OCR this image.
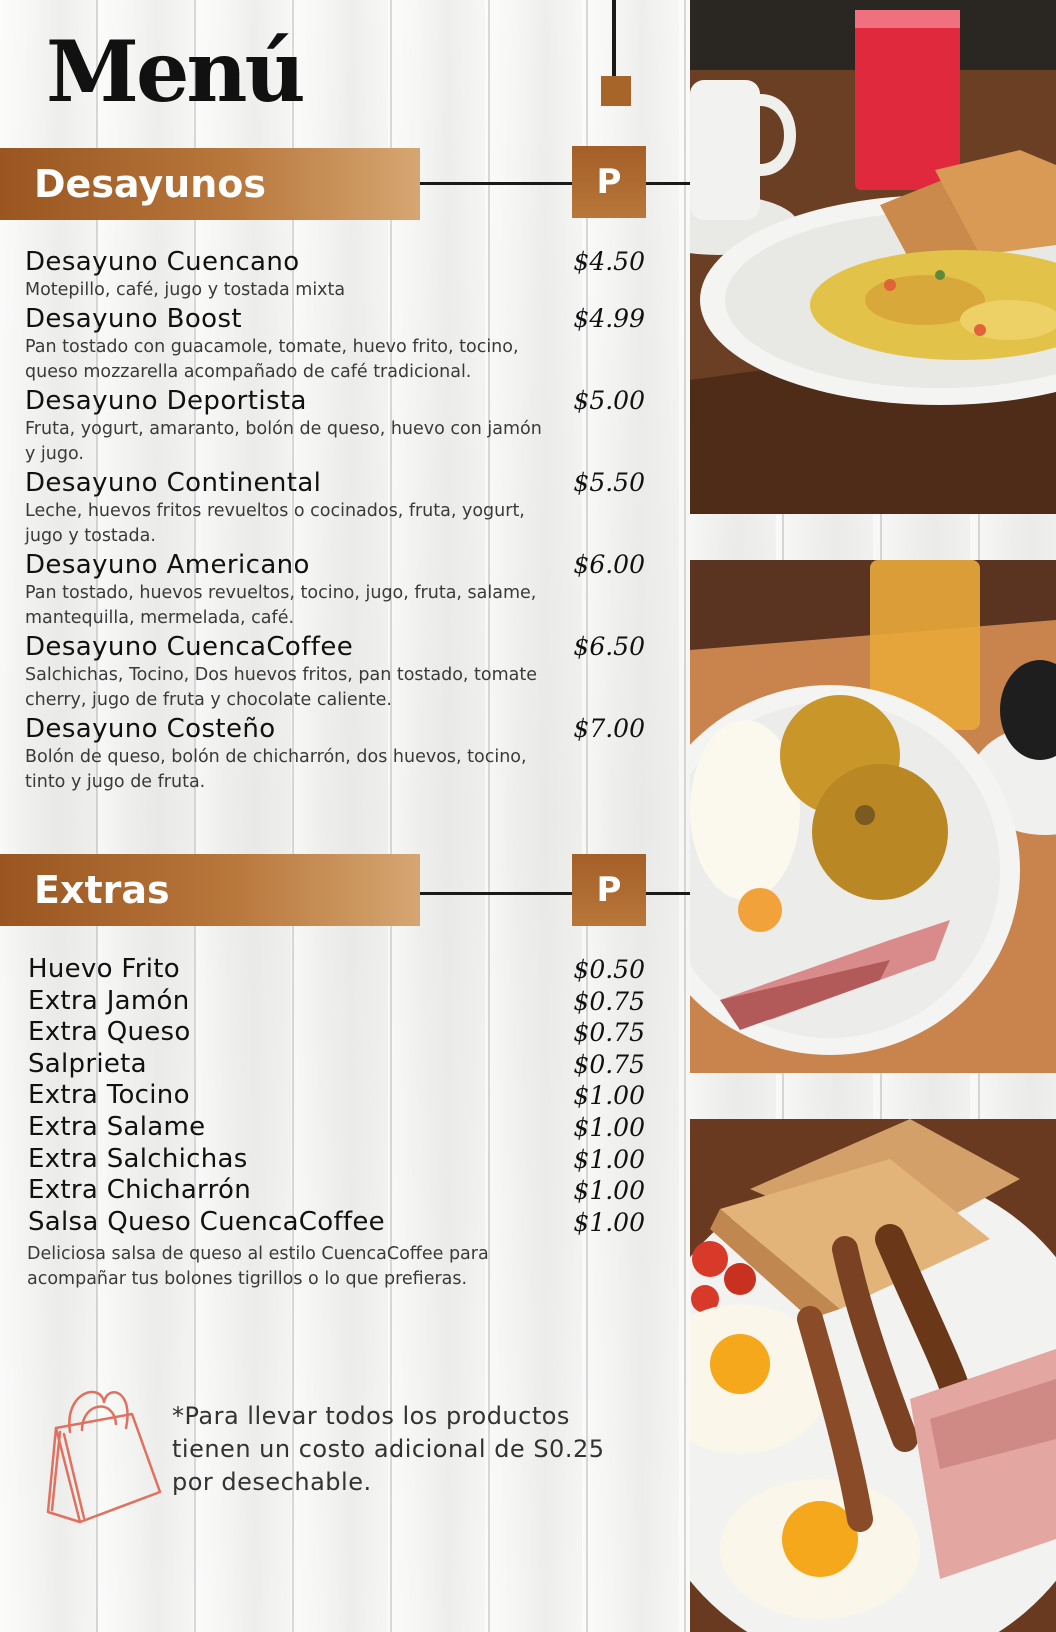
Menú
Desayunos	P
Desayuno Cuencano	$4.50
Motepillo, café, jugo y tostada mixta
Desayuno Boost	$4.99
Pan tostado con guacamole, tomate, huevo frito, tocino, queso mozzarella acompañado de café tradicional.
Desayuno Deportista	$5.00
Fruta, yogurt, amaranto, bolón de queso, huevo con jamón y jugo.
Desayuno Continental	$5.50
Leche, huevos fritos revueltos o cocinados, fruta, yogurt, jugo y tostada.
Desayuno Americano	$6.00
Pan tostado, huevos revueltos, tocino, jugo, fruta, salame, mantequilla, mermelada, café.
Desayuno CuencaCoffee	$6.50
Salchichas, Tocino, Dos huevos fritos, pan tostado, tomate cherry, jugo de fruta y chocolate caliente.
Desayuno Costeño	$7.00
Bolón de queso, bolón de chicharrón, dos huevos, tocino, tinto y jugo de fruta.
Extras	P
Huevo Frito	$0.50
Extra Jamón	$0.75
Extra Queso	$0.75
Salprieta	$0.75
Extra Tocino	$1.00
Extra Salame	$1.00
Extra Salchichas	$1.00
Extra Chicharrón	$1.00
Salsa Queso CuencaCoffee	$1.00
Deliciosa salsa de queso al estilo CuencaCoffee para acompañar tus bolones tigrillos o lo que prefieras.
*Para llevar todos los productos tienen un costo adicional de S0.25 por desechable.
